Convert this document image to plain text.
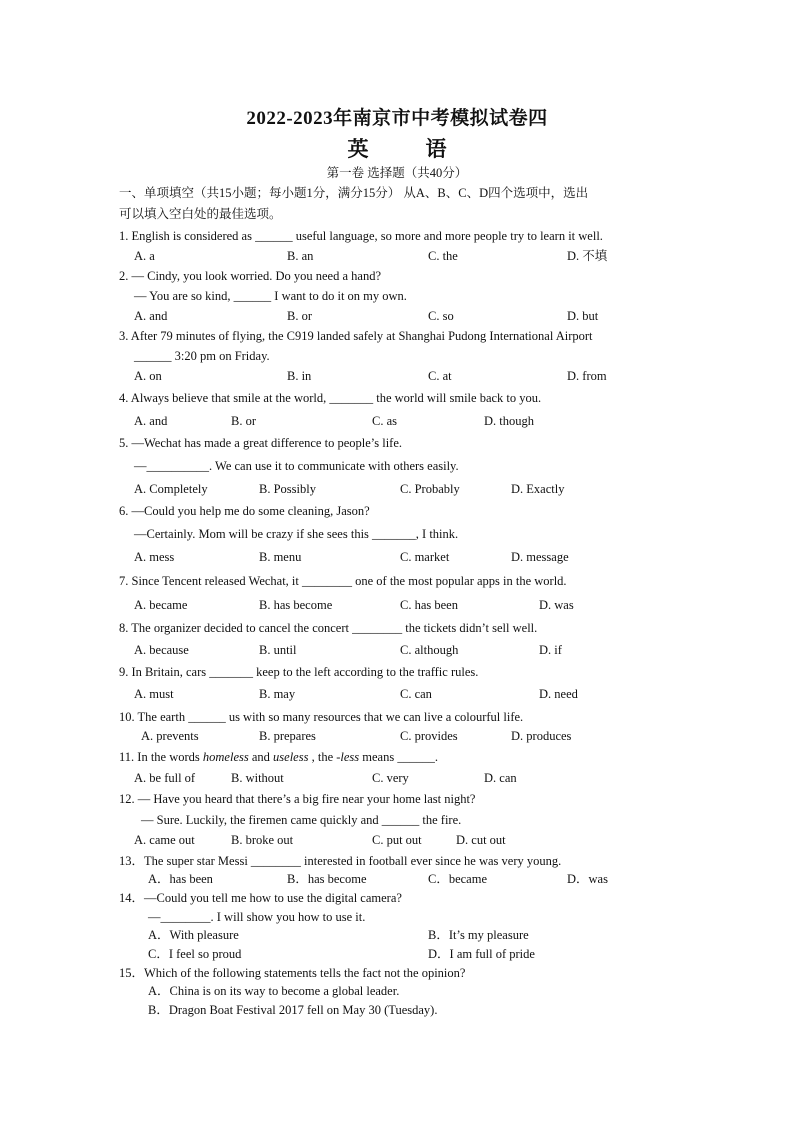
2022-2023年南京市中考模拟试卷四
英　语
第一卷 选择题（共40分）
一、单项填空（共15小题；每小题1分，满分15分） 从A、B、C、D四个选项中，选出
可以填入空白处的最佳选项。
1. English is considered as ______ useful language, so more and more people try to learn it well.
A. a	B. an	C. the	D. 不填
2. — Cindy, you look worried. Do you need a hand?
— You are so kind, ______ I want to do it on my own.
A. and	B. or	C. so	D. but
3. After 79 minutes of flying, the C919 landed safely at Shanghai Pudong International Airport
______ 3:20 pm on Friday.
A. on	B. in	C. at	D. from
4. Always believe that smile at the world, _______ the world will smile back to you.
A. and	B. or	C. as	D. though
5. —Wechat has made a great difference to people’s life.
—__________. We can use it to communicate with others easily.
A. Completely	B. Possibly	C. Probably	D. Exactly
6. —Could you help me do some cleaning, Jason?
—Certainly. Mom will be crazy if she sees this _______, I think.
A. mess	B. menu	C. market	D. message
7. Since Tencent released Wechat, it ________ one of the most popular apps in the world.
A. became	B. has become	C. has been	D. was
8. The organizer decided to cancel the concert ________ the tickets didn’t sell well.
A. because	B. until	C. although	D. if
9. In Britain, cars _______ keep to the left according to the traffic rules.
A. must	B. may	C. can	D. need
10. The earth ______ us with so many resources that we can live a colourful life.
A. prevents	B. prepares	C. provides	D. produces
11. In the words homeless and useless , the -less means ______.
A. be full of	B. without	C. very	D. can
12. — Have you heard that there’s a big fire near your home last night?
— Sure. Luckily, the firemen came quickly and ______ the fire.
A. came out	B. broke out	C. put out	D. cut out
13．The super star Messi ________ interested in football ever since he was very young.
A．has been	B．has become	C．became	D．was
14．—Could you tell me how to use the digital camera?
—________. I will show you how to use it.
A．With pleasure	B．It’s my pleasure
C．I feel so proud	D．I am full of pride
15．Which of the following statements tells the fact not the opinion?
A．China is on its way to become a global leader.
B．Dragon Boat Festival 2017 fell on May 30 (Tuesday).
